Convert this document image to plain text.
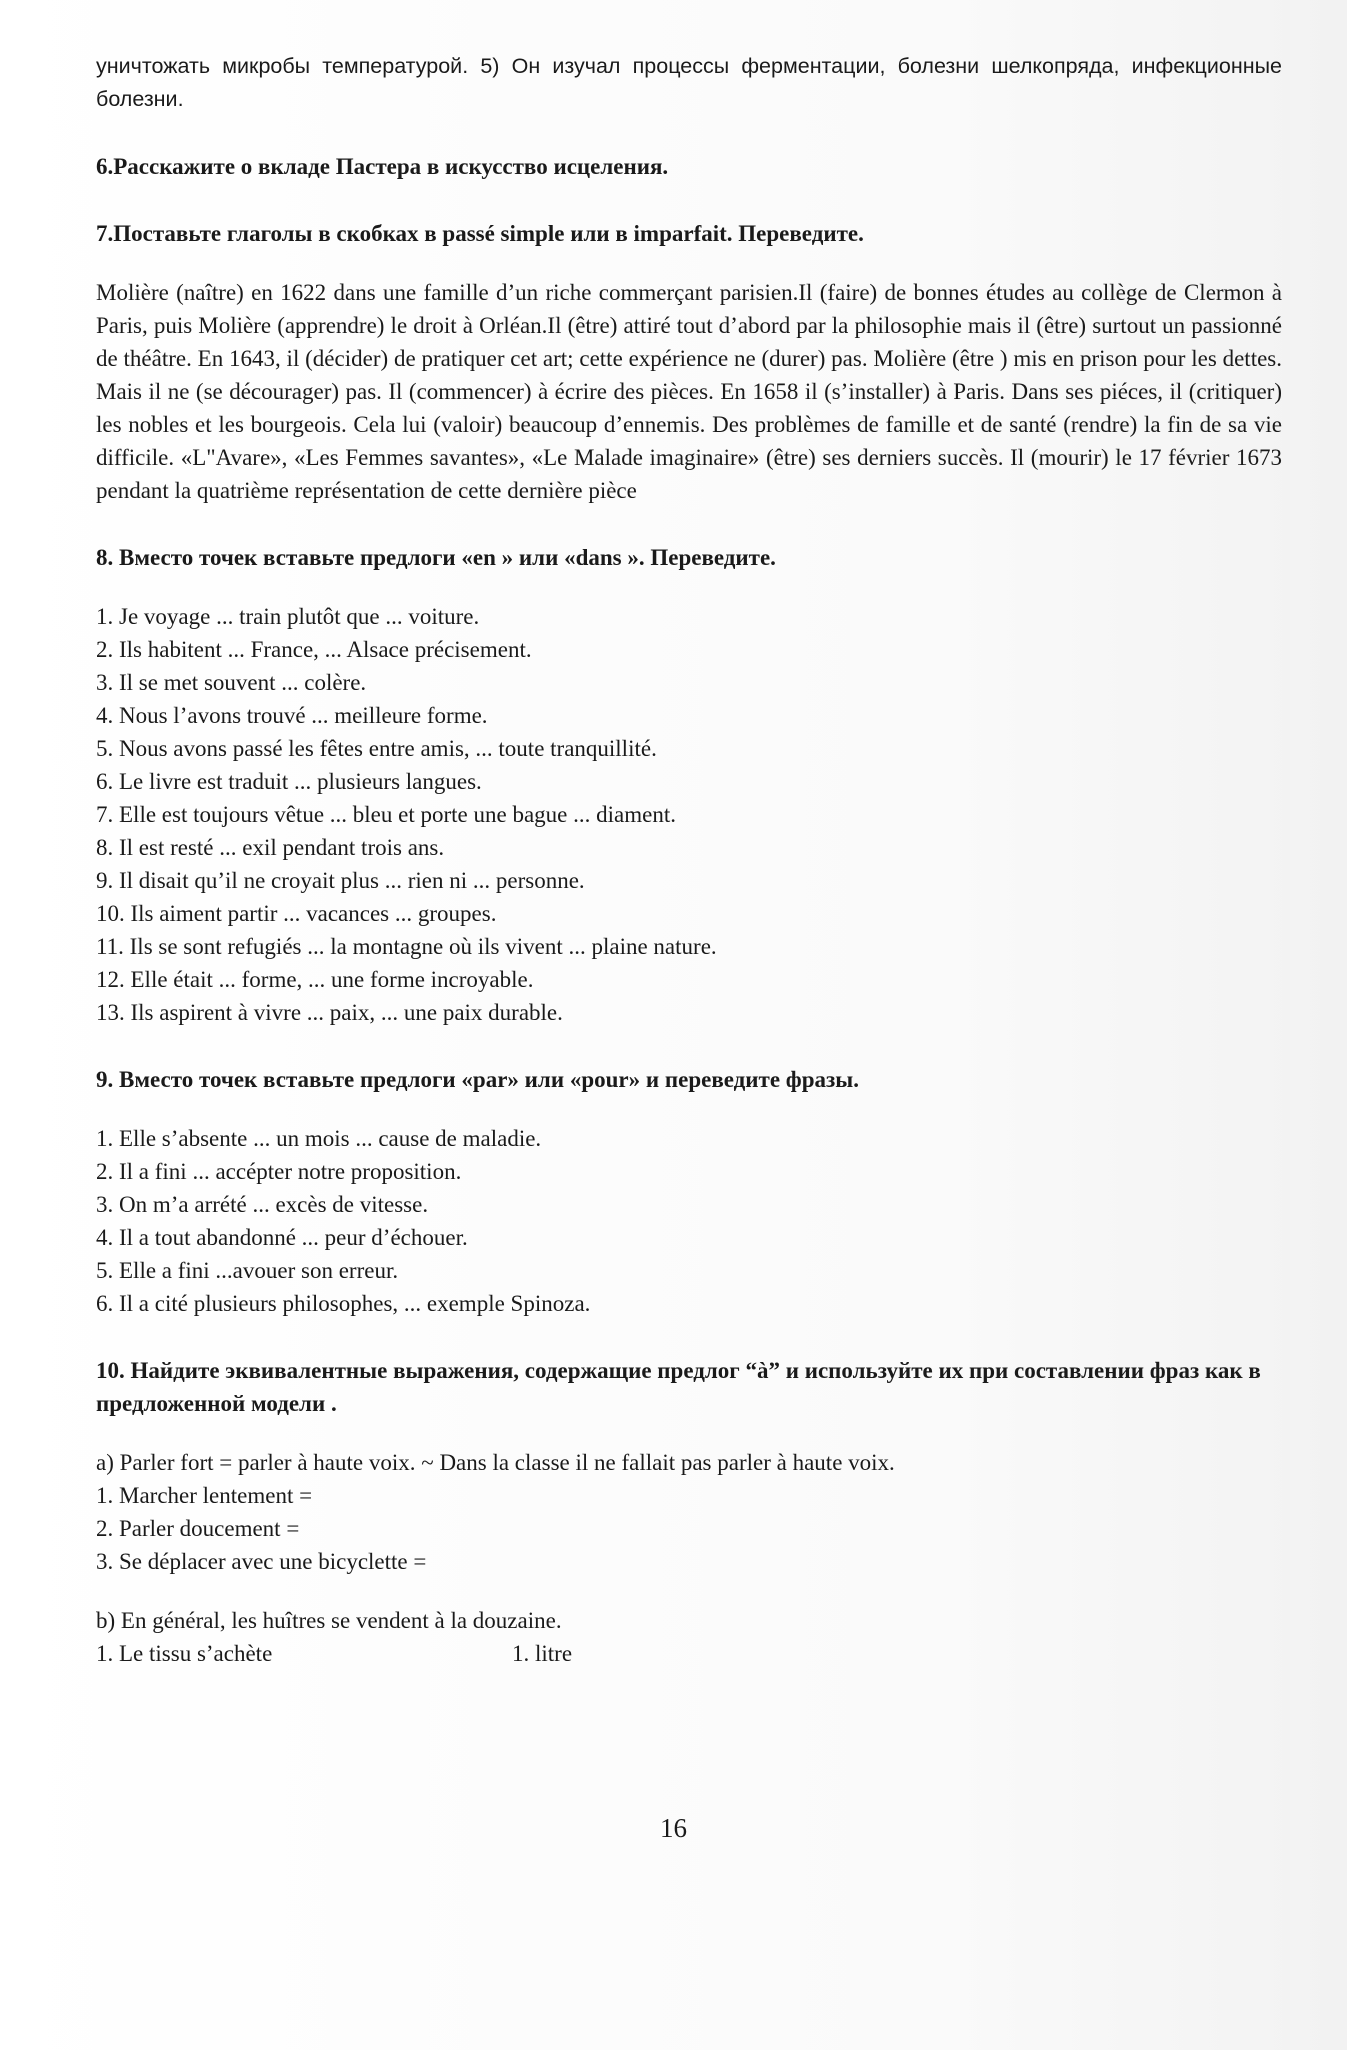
уничтожать микробы температурой. 5) Он изучал процессы ферментации, болезни шелкопряда, инфекционные болезни.

6.Расскажите о вкладе Пастера в искусство исцеления.

7.Поставьте глаголы в скобках в passé simple или в imparfait. Переведите.

Molière (naître) en 1622 dans une famille d’un riche commerçant parisien.Il (faire) de bonnes études au collège de Clermon à Paris, puis Molière (apprendre) le droit à Orléan.Il (être) attiré tout d’abord par la philosophie mais il (être) surtout un passionné de théâtre. En 1643, il (décider) de pratiquer cet art; cette expérience ne (durer) pas. Molière (être ) mis en prison pour les dettes. Mais il ne (se décourager) pas. Il (commencer) à écrire des pièces. En 1658 il (s’installer) à Paris. Dans ses piéces, il (critiquer) les nobles et les bourgeois. Cela lui (valoir) beaucoup d’ennemis. Des problèmes de famille et de santé (rendre) la fin de sa vie difficile. «L"Avare», «Les Femmes savantes», «Le Malade imaginaire» (être) ses derniers succès. Il (mourir) le 17 février 1673 pendant la quatrième représentation de cette dernière pièce

8. Вместо точек вставьте предлоги «en » или «dans ». Переведите.

1. Je voyage ... train plutôt que ... voiture.
2. Ils habitent ... France, ... Alsace précisement.
3. Il se met souvent ... colère.
4. Nous l’avons trouvé ... meilleure forme.
5. Nous avons passé les fêtes entre amis, ... toute tranquillité.
6. Le livre est traduit ... plusieurs langues.
7. Elle est toujours vêtue ... bleu et porte une bague ... diament.
8. Il est resté ... exil pendant trois ans.
9. Il disait qu’il ne croyait plus ... rien ni ... personne.
10. Ils aiment partir ... vacances ... groupes.
11. Ils se sont refugiés ... la montagne où ils vivent ... plaine nature.
12. Elle était ... forme, ... une forme incroyable.
13. Ils aspirent à vivre ... paix, ... une paix durable.

9. Вместо точек вставьте предлоги «par» или «pour» и переведите фразы.

1. Elle s’absente ... un mois ... cause de maladie.
2. Il a fini ... accépter notre proposition.
3. On m’a arrété ... excès de vitesse.
4. Il a tout abandonné ... peur d’échouer.
5. Elle a fini ...avouer son erreur.
6. Il a cité plusieurs philosophes, ... exemple Spinoza.

10. Найдите эквивалентные выражения, содержащие предлог “à” и используйте их при составлении фраз как в предложенной модели .

a) Parler fort = parler à haute voix. ~ Dans la classe il ne fallait pas parler à haute voix.
1. Marcher lentement =
2. Parler doucement =
3. Se déplacer avec une bicyclette =
b) En général, les huîtres se vendent à la douzaine.
1. Le tissu s’achète	1. litre
16
